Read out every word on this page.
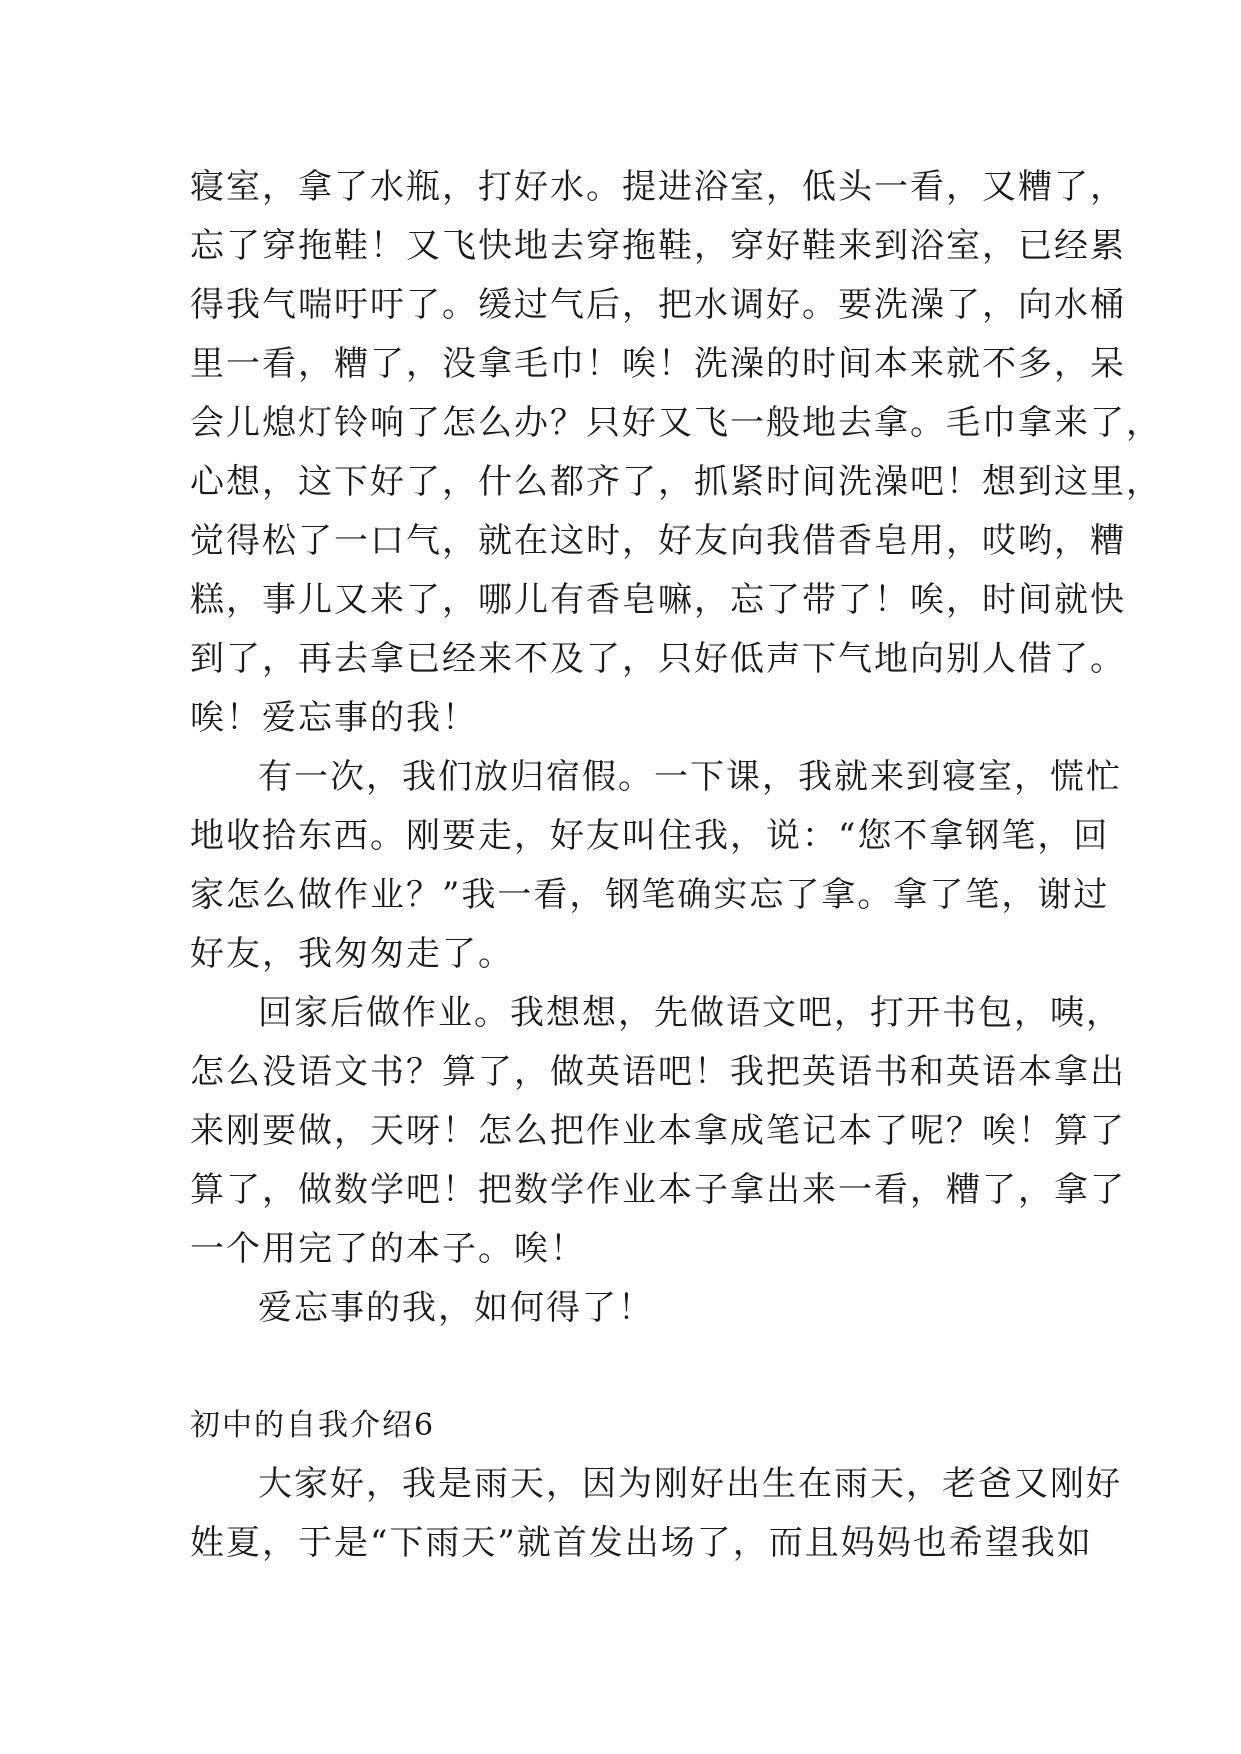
寝室，拿了水瓶，打好水。提进浴室，低头一看，又糟了，
忘了穿拖鞋！又飞快地去穿拖鞋，穿好鞋来到浴室，已经累
得我气喘吁吁了。缓过气后，把水调好。要洗澡了，向水桶
里一看，糟了，没拿毛巾！唉！洗澡的时间本来就不多，呆
会儿熄灯铃响了怎么办？只好又飞一般地去拿。毛巾拿来了，
心想，这下好了，什么都齐了，抓紧时间洗澡吧！想到这里，
觉得松了一口气，就在这时，好友向我借香皂用，哎哟，糟
糕，事儿又来了，哪儿有香皂嘛，忘了带了！唉，时间就快
到了，再去拿已经来不及了，只好低声下气地向别人借了。
唉！爱忘事的我！
有一次，我们放归宿假。一下课，我就来到寝室，慌忙
地收拾东西。刚要走，好友叫住我，说：“您不拿钢笔，回
家怎么做作业？”我一看，钢笔确实忘了拿。拿了笔，谢过
好友，我匆匆走了。
回家后做作业。我想想，先做语文吧，打开书包，咦，
怎么没语文书？算了，做英语吧！我把英语书和英语本拿出
来刚要做，天呀！怎么把作业本拿成笔记本了呢？唉！算了
算了，做数学吧！把数学作业本子拿出来一看，糟了，拿了
一个用完了的本子。唉！
爱忘事的我，如何得了！
初中的自我介绍6
大家好，我是雨天，因为刚好出生在雨天，老爸又刚好
姓夏，于是“下雨天”就首发出场了，而且妈妈也希望我如
